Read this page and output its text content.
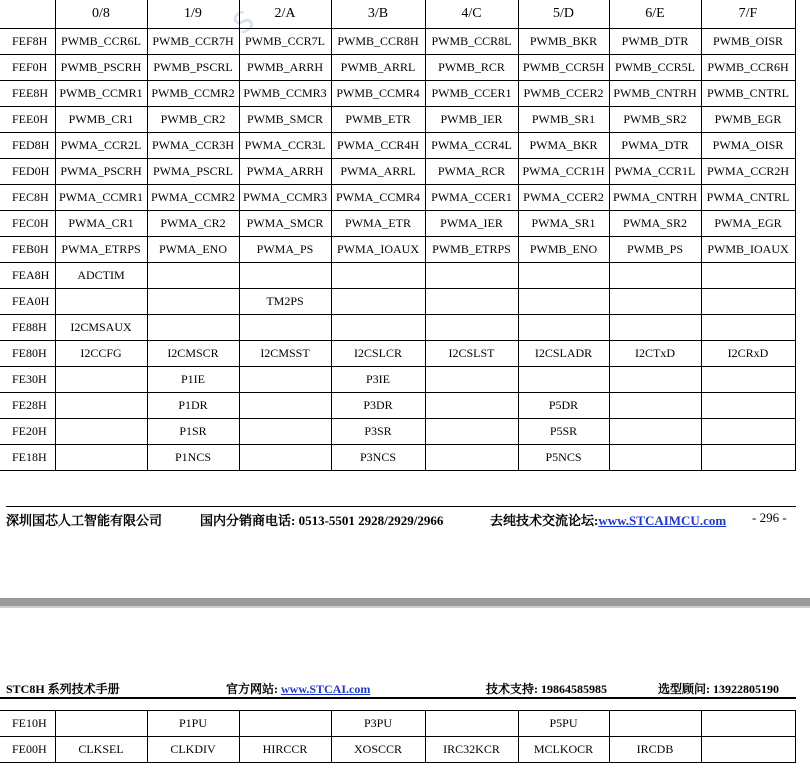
S
	0/8	1/9	2/A	3/B	4/C	5/D	6/E	7/F
FEF8H	PWMB_CCR6L	PWMB_CCR7H	PWMB_CCR7L	PWMB_CCR8H	PWMB_CCR8L	PWMB_BKR	PWMB_DTR	PWMB_OISR
FEF0H	PWMB_PSCRH	PWMB_PSCRL	PWMB_ARRH	PWMB_ARRL	PWMB_RCR	PWMB_CCR5H	PWMB_CCR5L	PWMB_CCR6H
FEE8H	PWMB_CCMR1	PWMB_CCMR2	PWMB_CCMR3	PWMB_CCMR4	PWMB_CCER1	PWMB_CCER2	PWMB_CNTRH	PWMB_CNTRL
FEE0H	PWMB_CR1	PWMB_CR2	PWMB_SMCR	PWMB_ETR	PWMB_IER	PWMB_SR1	PWMB_SR2	PWMB_EGR
FED8H	PWMA_CCR2L	PWMA_CCR3H	PWMA_CCR3L	PWMA_CCR4H	PWMA_CCR4L	PWMA_BKR	PWMA_DTR	PWMA_OISR
FED0H	PWMA_PSCRH	PWMA_PSCRL	PWMA_ARRH	PWMA_ARRL	PWMA_RCR	PWMA_CCR1H	PWMA_CCR1L	PWMA_CCR2H
FEC8H	PWMA_CCMR1	PWMA_CCMR2	PWMA_CCMR3	PWMA_CCMR4	PWMA_CCER1	PWMA_CCER2	PWMA_CNTRH	PWMA_CNTRL
FEC0H	PWMA_CR1	PWMA_CR2	PWMA_SMCR	PWMA_ETR	PWMA_IER	PWMA_SR1	PWMA_SR2	PWMA_EGR
FEB0H	PWMA_ETRPS	PWMA_ENO	PWMA_PS	PWMA_IOAUX	PWMB_ETRPS	PWMB_ENO	PWMB_PS	PWMB_IOAUX
FEA8H	ADCTIM							
FEA0H			TM2PS					
FE88H	I2CMSAUX							
FE80H	I2CCFG	I2CMSCR	I2CMSST	I2CSLCR	I2CSLST	I2CSLADR	I2CTxD	I2CRxD
FE30H		P1IE		P3IE				
FE28H		P1DR		P3DR		P5DR		
FE20H		P1SR		P3SR		P5SR		
FE18H		P1NCS		P3NCS		P5NCS		
深圳国芯人工智能有限公司	国内分销商电话: 0513-5501 2928/2929/2966	去纯技术交流论坛:www.STCAIMCU.com - 296 -
STC8H 系列技术手册	官方网站: www.STCAI.com	技术支持: 19864585985	选型顾问: 13922805190
FE10H		P1PU		P3PU		P5PU		
FE00H	CLKSEL	CLKDIV	HIRCCR	XOSCCR	IRC32KCR	MCLKOCR	IRCDB	
